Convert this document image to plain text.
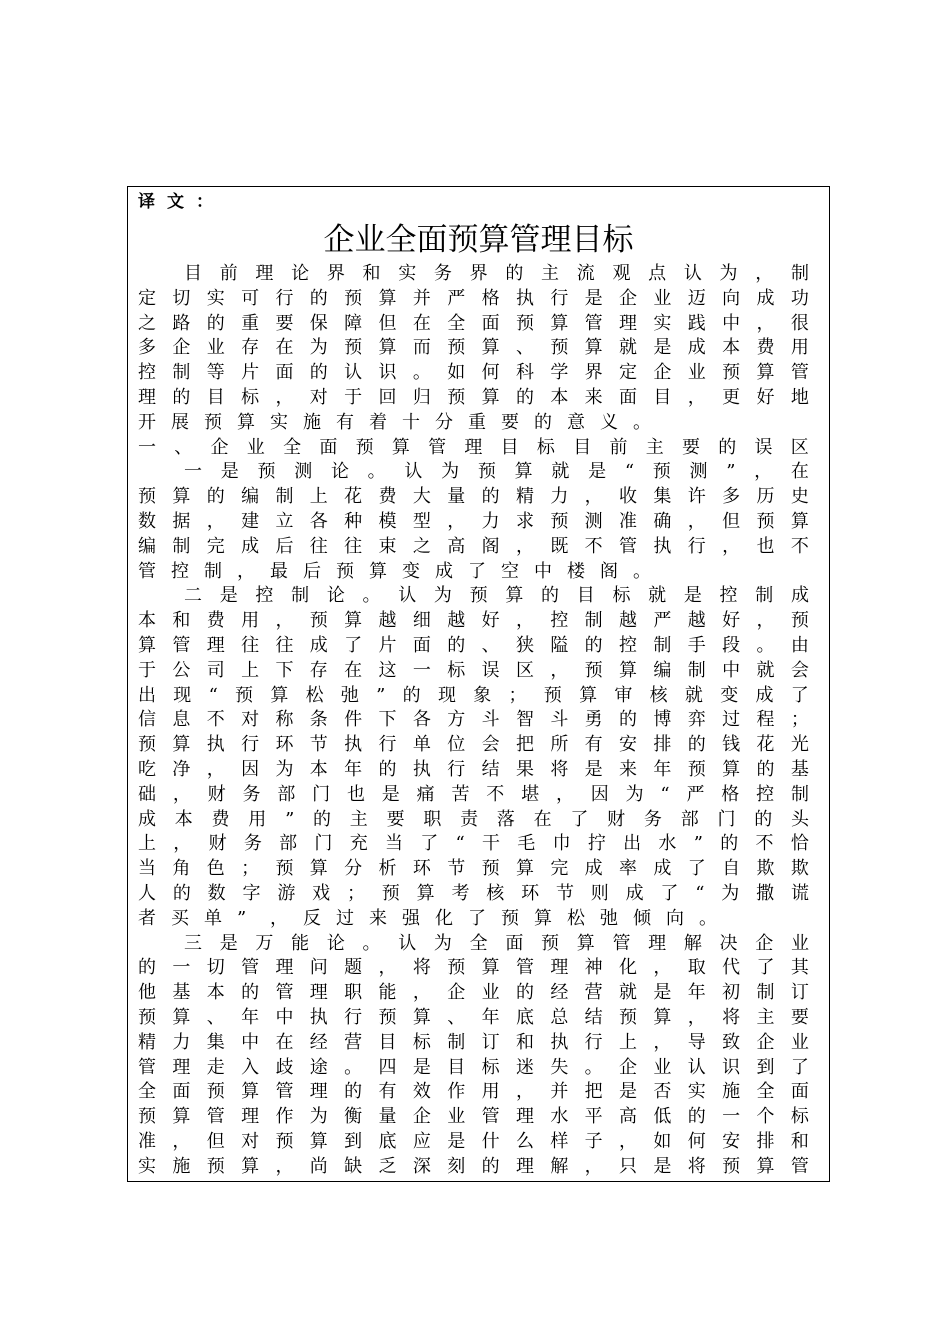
译文：
企业全面预算管理目标
目 前 理 论 界 和 实 务 界 的 主 流 观 点 认 为 ， 制
定 切 实 可 行 的 预 算 并 严 格 执 行 是 企 业 迈 向 成 功
之 路 的 重 要 保 障 但 在 全 面 预 算 管 理 实 践 中 ， 很
多 企 业 存 在 为 预 算 而 预 算 、 预 算 就 是 成 本 费 用
控 制 等 片 面 的 认 识 。 如 何 科 学 界 定 企 业 预 算 管
理 的 目 标 ， 对 于 回 归 预 算 的 本 来 面 目 ， 更 好 地
开 展 预 算 实 施 有 着 十 分 重 要 的 意 义 。
一 、 企 业 全 面 预 算 管 理 目 标 目 前 主 要 的 误 区
一 是 预 测 论 。 认 为 预 算 就 是 “ 预 测 ” ， 在
预 算 的 编 制 上 花 费 大 量 的 精 力 ， 收 集 许 多 历 史
数 据 ， 建 立 各 种 模 型 ， 力 求 预 测 准 确 ， 但 预 算
编 制 完 成 后 往 往 束 之 高 阁 ， 既 不 管 执 行 ， 也 不
管 控 制 ， 最 后 预 算 变 成 了 空 中 楼 阁 。
二 是 控 制 论 。 认 为 预 算 的 目 标 就 是 控 制 成
本 和 费 用 ， 预 算 越 细 越 好 ， 控 制 越 严 越 好 ， 预
算 管 理 往 往 成 了 片 面 的 、 狭 隘 的 控 制 手 段 。 由
于 公 司 上 下 存 在 这 一 标 误 区 ， 预 算 编 制 中 就 会
出 现 “ 预 算 松 弛 ” 的 现 象 ； 预 算 审 核 就 变 成 了
信 息 不 对 称 条 件 下 各 方 斗 智 斗 勇 的 博 弈 过 程 ；
预 算 执 行 环 节 执 行 单 位 会 把 所 有 安 排 的 钱 花 光
吃 净 ， 因 为 本 年 的 执 行 结 果 将 是 来 年 预 算 的 基
础 ， 财 务 部 门 也 是 痛 苦 不 堪 ， 因 为 “ 严 格 控 制
成 本 费 用 ” 的 主 要 职 责 落 在 了 财 务 部 门 的 头
上 ， 财 务 部 门 充 当 了 “ 干 毛 巾 拧 出 水 ” 的 不 恰
当 角 色 ； 预 算 分 析 环 节 预 算 完 成 率 成 了 自 欺 欺
人 的 数 字 游 戏 ； 预 算 考 核 环 节 则 成 了 “ 为 撒 谎
者 买 单 ”	， 反 过 来 强 化 了 预 算 松 弛 倾 向 。
三 是 万 能 论 。 认 为 全 面 预 算 管 理 解 决 企 业
的 一 切 管 理 问 题 ， 将 预 算 管 理 神 化 ， 取 代 了 其
他 基 本 的 管 理 职 能 ， 企 业 的 经 营 就 是 年 初 制 订
预 算 、 年 中 执 行 预 算 、 年 底 总 结 预 算 ， 将 主 要
精 力 集 中 在 经 营 目 标 制 订 和 执 行 上 ， 导 致 企 业
管 理 走 入 歧 途 。 四 是 目 标 迷 失 。 企 业 认 识 到 了
全 面 预 算 管 理 的 有 效 作 用 ， 并 把 是 否 实 施 全 面
预 算 管 理 作 为 衡 量 企 业 管 理 水 平 高 低 的 一 个 标
准 ， 但 对 预 算 到 底 应 是 什 么 样 子 ， 如 何 安 排 和
实 施 预 算 ， 尚 缺 乏 深 刻 的 理 解 ， 只 是 将 预 算 管
